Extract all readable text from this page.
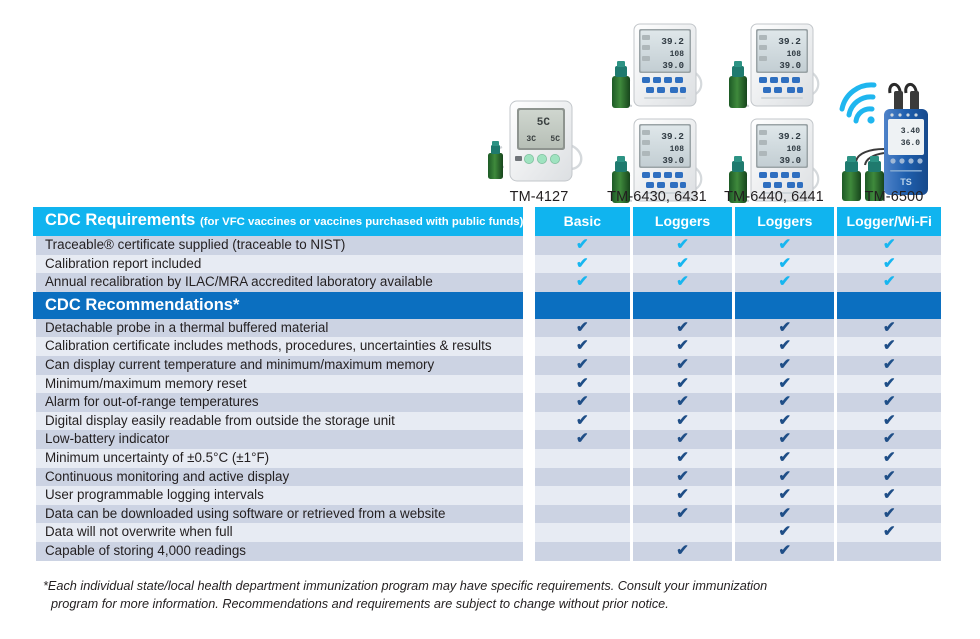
5C
3C 5C
TM-4127
39.2
108
39.0
39.2
108
39.0
TM-6430, 6431
39.2
108
39.0
39.2
108
39.0
TM-6440, 6441
3.40
36.0
TS
TM-6500
CDC Requirements (for VFC vaccines or vaccines purchased with public funds)		Basic	Loggers	Loggers	Logger/Wi-Fi
Traceable® certificate supplied (traceable to NIST)		✔	✔	✔	✔
Calibration report included		✔	✔	✔	✔
Annual recalibration by ILAC/MRA accredited laboratory available		✔	✔	✔	✔
CDC Recommendations*					
Detachable probe in a thermal buffered material		✔	✔	✔	✔
Calibration certificate includes methods, procedures, uncertainties & results		✔	✔	✔	✔
Can display current temperature and minimum/maximum memory		✔	✔	✔	✔
Minimum/maximum memory reset		✔	✔	✔	✔
Alarm for out-of-range temperatures		✔	✔	✔	✔
Digital display easily readable from outside the storage unit		✔	✔	✔	✔
Low-battery indicator		✔	✔	✔	✔
Minimum uncertainty of ±0.5°C (±1°F)			✔	✔	✔
Continuous monitoring and active display			✔	✔	✔
User programmable logging intervals			✔	✔	✔
Data can be downloaded using software or retrieved from a website			✔	✔	✔
Data will not overwrite when full				✔	✔
Capable of storing 4,000 readings			✔	✔	
*Each individual state/local health department immunization program may have specific requirements. Consult your immunization
program for more information. Recommendations and requirements are subject to change without prior notice.
